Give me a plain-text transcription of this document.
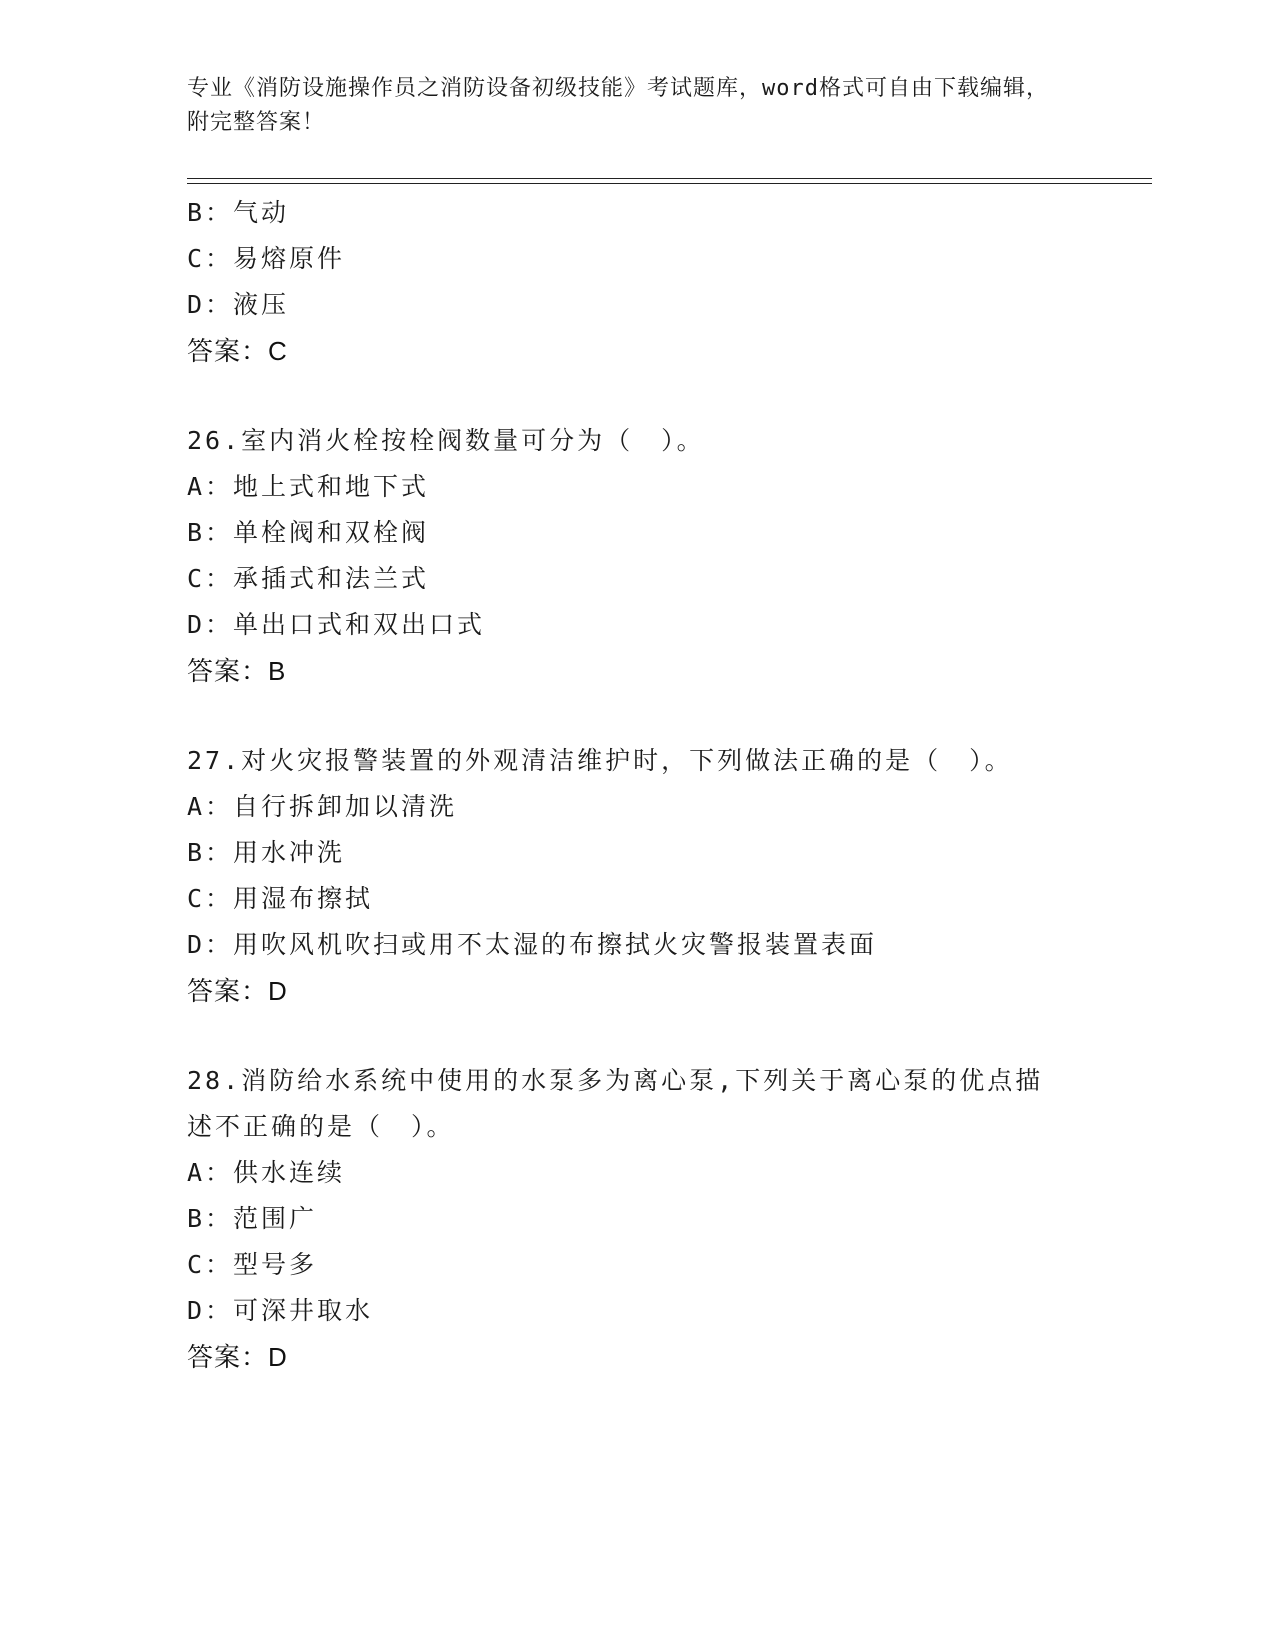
专业《消防设施操作员之消防设备初级技能》考试题库，word格式可自由下载编辑，附完整答案！
B：气动
C：易熔原件
D：液压
答案：C
26.室内消火栓按栓阀数量可分为（　）。
A：地上式和地下式
B：单栓阀和双栓阀
C：承插式和法兰式
D：单出口式和双出口式
答案：B
27.对火灾报警装置的外观清洁维护时，下列做法正确的是（　）。
A：自行拆卸加以清洗
B：用水冲洗
C：用湿布擦拭
D：用吹风机吹扫或用不太湿的布擦拭火灾警报装置表面
答案：D
28.消防给水系统中使用的水泵多为离心泵,下列关于离心泵的优点描述不正确的是（　）。
A：供水连续
B：范围广
C：型号多
D：可深井取水
答案：D
